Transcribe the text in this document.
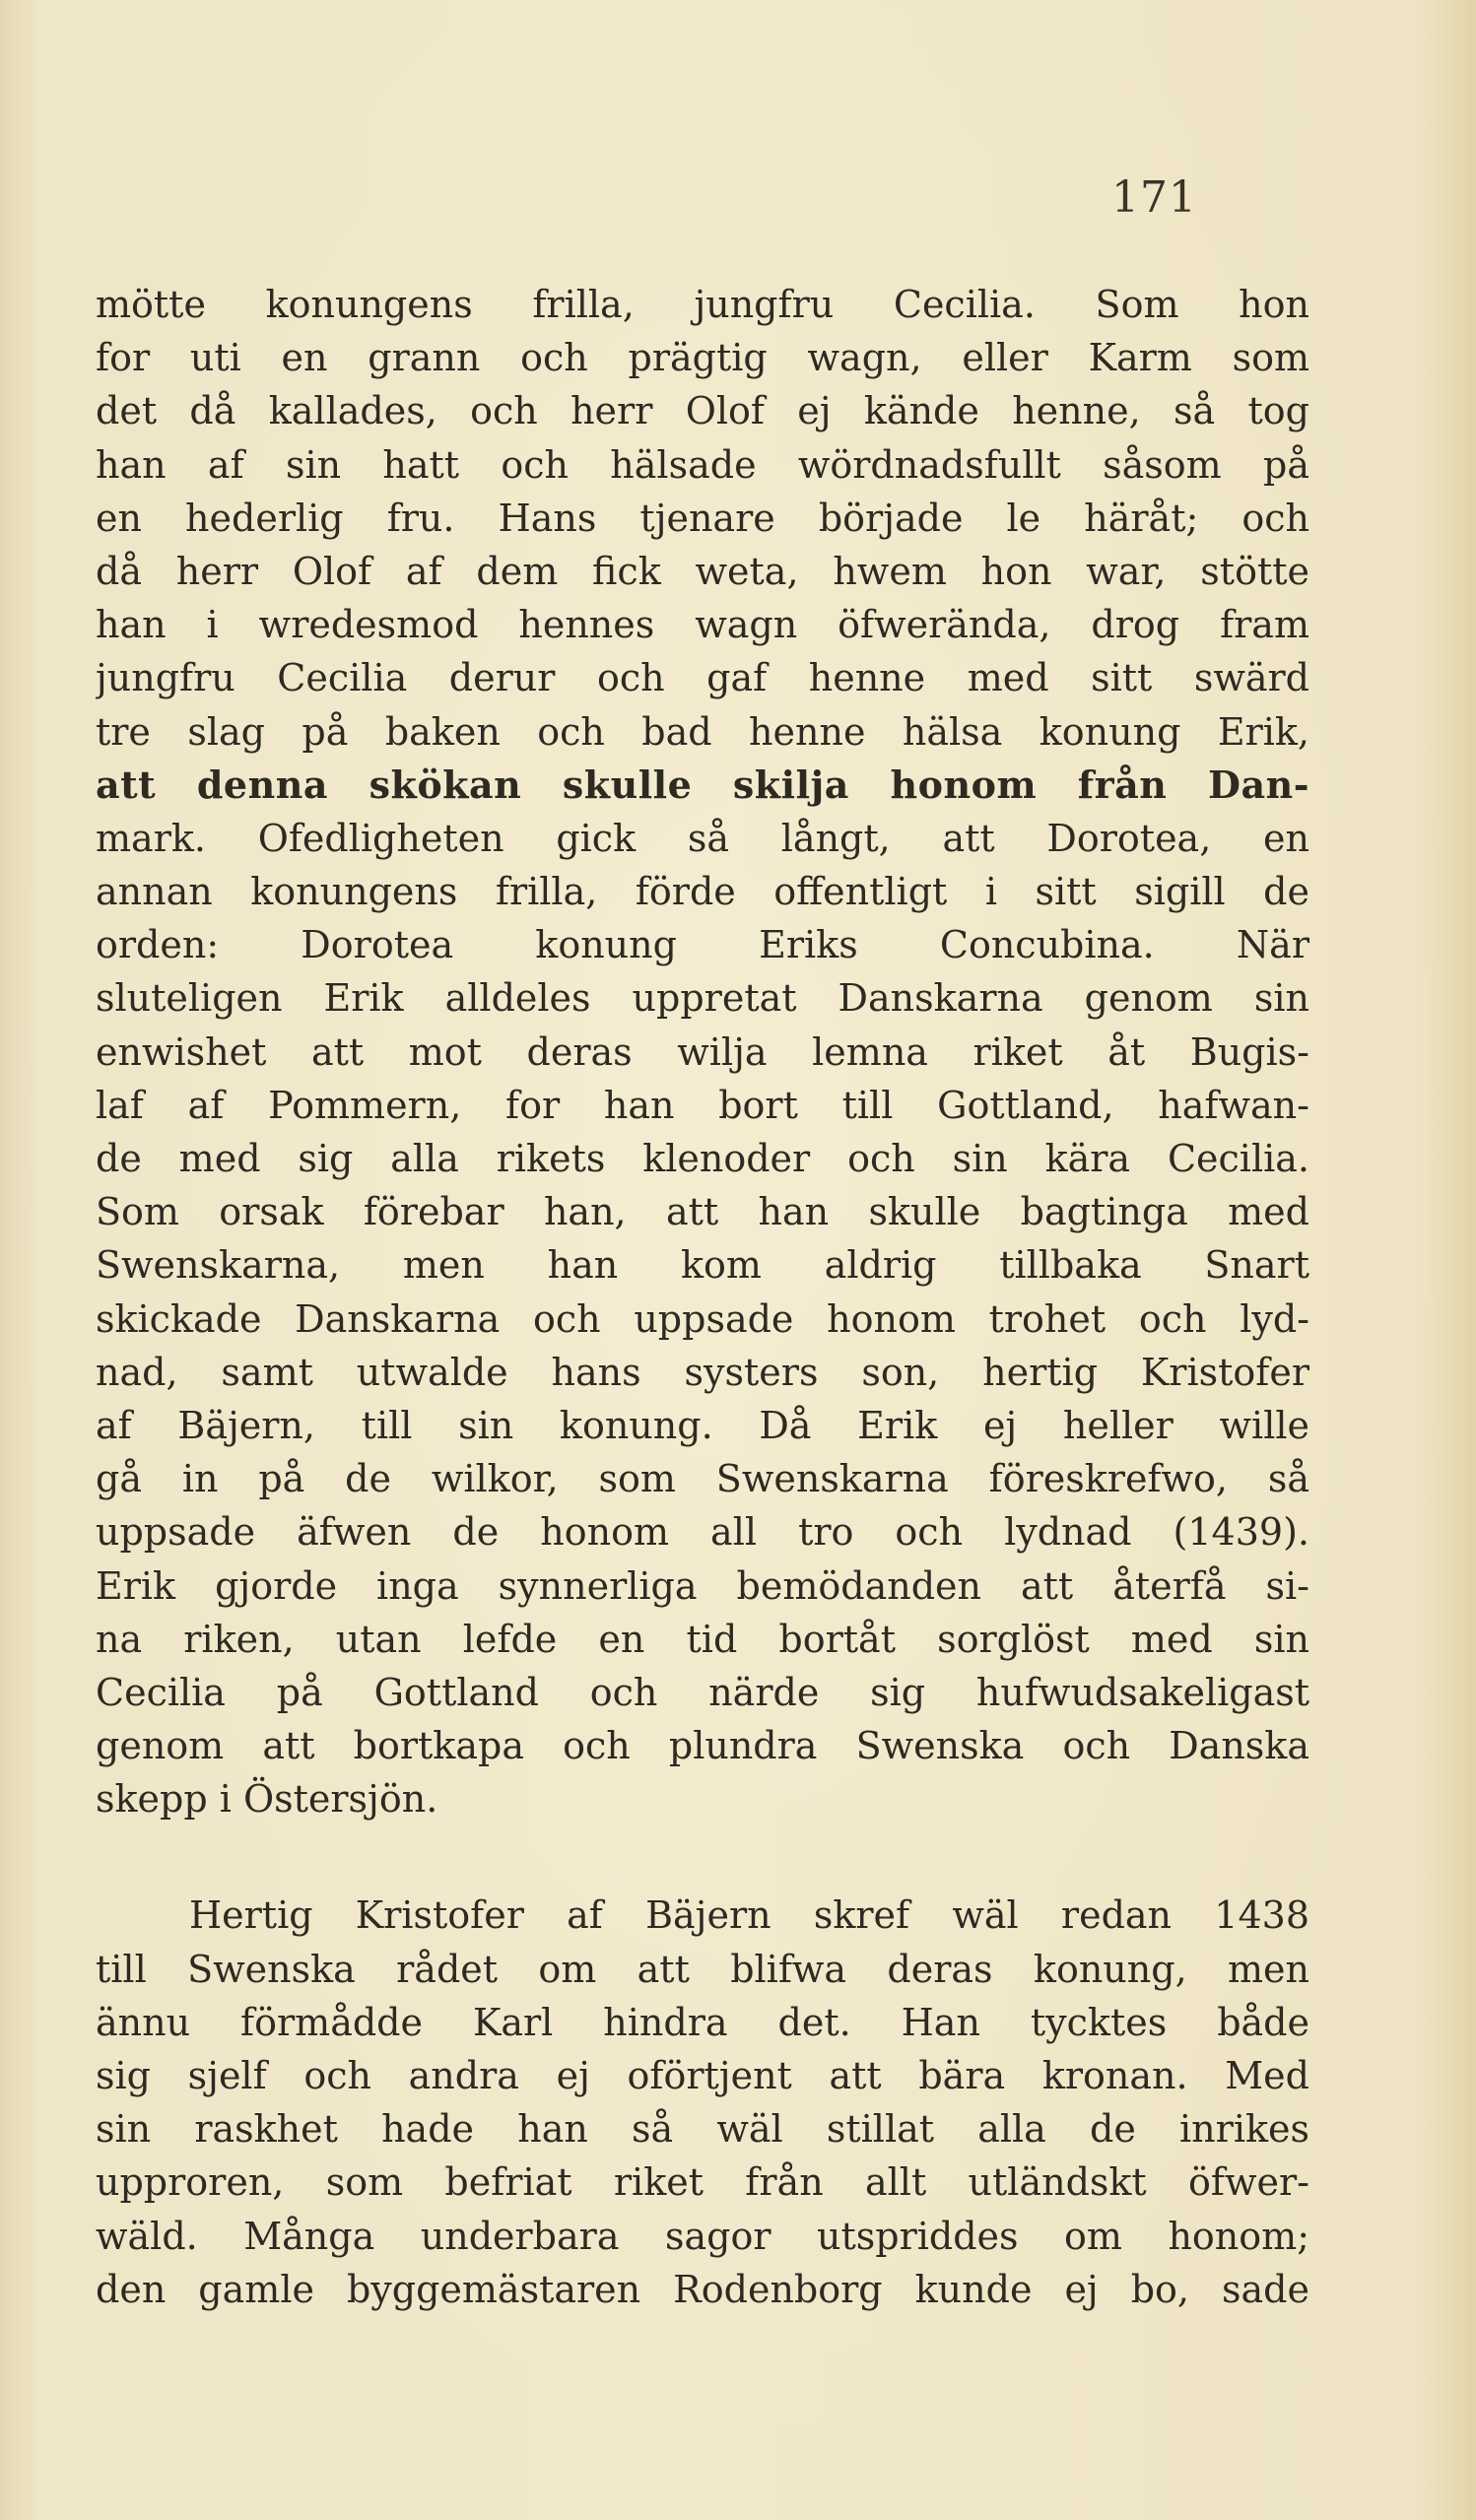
171
mötte konungens frilla, jungfru Cecilia. Som hon
for uti en grann och prägtig wagn, eller Karm som
det då kallades, och herr Olof ej kände henne, så tog
han af sin hatt och hälsade wördnadsfullt såsom på
en hederlig fru. Hans tjenare började le häråt; och
då herr Olof af dem fick weta, hwem hon war, stötte
han i wredesmod hennes wagn öfwerända, drog fram
jungfru Cecilia derur och gaf henne med sitt swärd
tre slag på baken och bad henne hälsa konung Erik,
att denna skökan skulle skilja honom från Dan-
mark. Ofedligheten gick så långt, att Dorotea, en
annan konungens frilla, förde offentligt i sitt sigill de
orden: Dorotea konung Eriks Concubina. När
sluteligen Erik alldeles uppretat Danskarna genom sin
enwishet att mot deras wilja lemna riket åt Bugis-
laf af Pommern, for han bort till Gottland, hafwan-
de med sig alla rikets klenoder och sin kära Cecilia.
Som orsak förebar han, att han skulle bagtinga med
Swenskarna, men han kom aldrig tillbaka Snart
skickade Danskarna och uppsade honom trohet och lyd-
nad, samt utwalde hans systers son, hertig Kristofer
af Bäjern, till sin konung. Då Erik ej heller wille
gå in på de wilkor, som Swenskarna föreskrefwo, så
uppsade äfwen de honom all tro och lydnad (1439).
Erik gjorde inga synnerliga bemödanden att återfå si-
na riken, utan lefde en tid bortåt sorglöst med sin
Cecilia på Gottland och närde sig hufwudsakeligast
genom att bortkapa och plundra Swenska och Danska
skepp i Östersjön.
Hertig Kristofer af Bäjern skref wäl redan 1438
till Swenska rådet om att blifwa deras konung, men
ännu förmådde Karl hindra det. Han tycktes både
sig sjelf och andra ej oförtjent att bära kronan. Med
sin raskhet hade han så wäl stillat alla de inrikes
upproren, som befriat riket från allt utländskt öfwer-
wäld. Många underbara sagor utspriddes om honom;
den gamle byggemästaren Rodenborg kunde ej bo, sade
